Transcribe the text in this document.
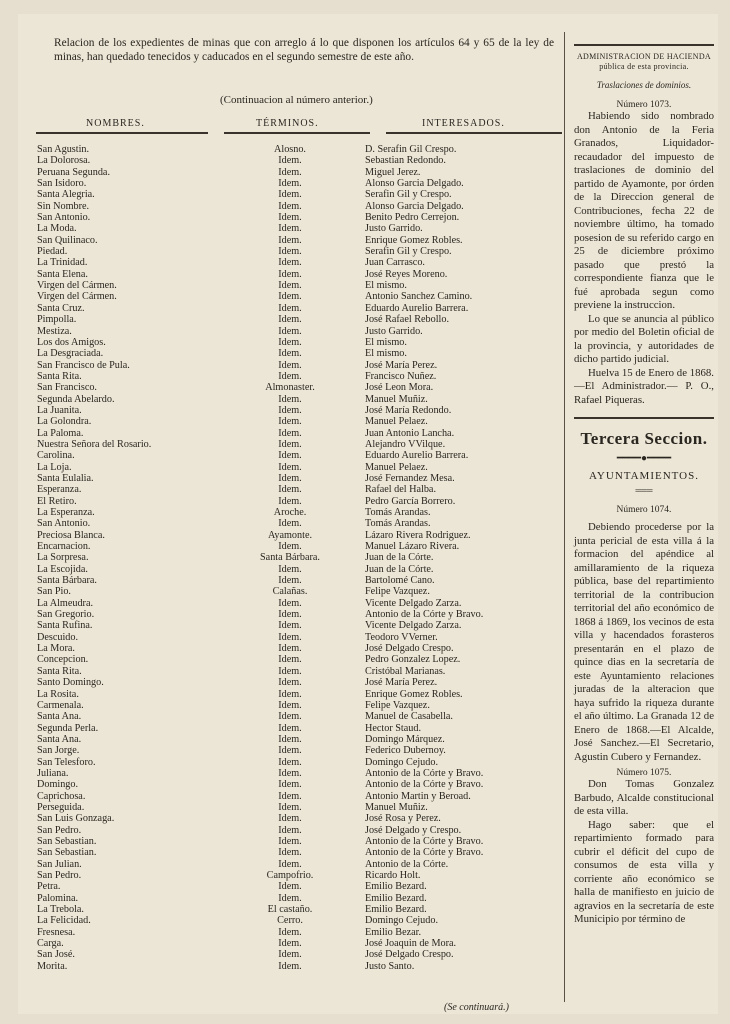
Relacion de los expedientes de minas que con arreglo á lo que disponen los artículos 64 y 65 de la ley de minas, han quedado tenecidos y caducados en el segundo semestre de este año.

(Continuacion al número anterior.)
NOMBRES.	TÉRMINOS.	INTERESADOS.
San Agustin.
La Dolorosa.
Peruana Segunda.
San Isidoro.
Santa Alegria.
Sin Nombre.
San Antonio.
La Moda.
San Quilinaco.
Piedad.
La Trinidad.
Santa Elena.
Virgen del Cármen.
Virgen del Cármen.
Santa Cruz.
Pimpolla.
Mestiza.
Los dos Amigos.
La Desgraciada.
San Francisco de Pula.
Santa Rita.
San Francisco.
Segunda Abelardo.
La Juanita.
La Golondra.
La Paloma.
Nuestra Señora del Rosario.
Carolina.
La Loja.
Santa Eulalia.
Esperanza.
El Retiro.
La Esperanza.
San Antonio.
Preciosa Blanca.
Encarnacion.
La Sorpresa.
La Escojida.
Santa Bárbara.
San Pio.
La Almeudra.
San Gregorio.
Santa Rufina.
Descuido.
La Mora.
Concepcion.
Santa Rita.
Santo Domingo.
La Rosita.
Carmenala.
Santa Ana.
Segunda Perla.
Santa Ana.
San Jorge.
San Telesforo.
Juliana.
Domingo.
Caprichosa.
Perseguida.
San Luis Gonzaga.
San Pedro.
San Sebastian.
San Sebastian.
San Julian.
San Pedro.
Petra.
Palomina.
La Trebola.
La Felicidad.
Fresnesa.
Carga.
San José.
Morita.
Alosno.
Idem.
Idem.
Idem.
Idem.
Idem.
Idem.
Idem.
Idem.
Idem.
Idem.
Idem.
Idem.
Idem.
Idem.
Idem.
Idem.
Idem.
Idem.
Idem.
Idem.
Almonaster.
Idem.
Idem.
Idem.
Idem.
Idem.
Idem.
Idem.
Idem.
Idem.
Idem.
Aroche.
Idem.
Ayamonte.
Idem.
Santa Bárbara.
Idem.
Idem.
Calañas.
Idem.
Idem.
Idem.
Idem.
Idem.
Idem.
Idem.
Idem.
Idem.
Idem.
Idem.
Idem.
Idem.
Idem.
Idem.
Idem.
Idem.
Idem.
Idem.
Idem.
Idem.
Idem.
Idem.
Idem.
Campofrio.
Idem.
Idem.
El castaño.
Cerro.
Idem.
Idem.
Idem.
Idem.
D. Serafin Gil Crespo.
Sebastian Redondo.
Miguel Jerez.
Alonso Garcia Delgado.
Serafin Gil y Crespo.
Alonso Garcia Delgado.
Benito Pedro Cerrejon.
Justo Garrido.
Enrique Gomez Robles.
Serafin Gil y Crespo.
Juan Carrasco.
José Reyes Moreno.
El mismo.
Antonio Sanchez Camino.
Eduardo Aurelio Barrera.
José Rafael Rebollo.
Justo Garrido.
El mismo.
El mismo.
José María Perez.
Francisco Nuñez.
José Leon Mora.
Manuel Muñiz.
José María Redondo.
Manuel Pelaez.
Juan Antonio Lancha.
Alejandro VVilque.
Eduardo Aurelio Barrera.
Manuel Pelaez.
José Fernandez Mesa.
Rafael del Halba.
Pedro García Borrero.
Tomás Arandas.
Tomás Arandas.
Lázaro Rivera Rodriguez.
Manuel Lázaro Rivera.
Juan de la Córte.
Juan de la Córte.
Bartolomé Cano.
Felipe Vazquez.
Vicente Delgado Zarza.
Antonio de la Córte y Bravo.
Vicente Delgado Zarza.
Teodoro VVerner.
José Delgado Crespo.
Pedro Gonzalez Lopez.
Cristóbal Marianas.
José María Perez.
Enrique Gomez Robles.
Felipe Vazquez.
Manuel de Casabella.
Hector Staud.
Domingo Márquez.
Federico Dubernoy.
Domingo Cejudo.
Antonio de la Córte y Bravo.
Antonio de la Córte y Bravo.
Antonio Martin y Beroad.
Manuel Muñiz.
José Rosa y Perez.
José Delgado y Crespo.
Antonio de la Córte y Bravo.
Antonio de la Córte y Bravo.
Antonio de la Córte.
Ricardo Holt.
Emilio Bezard.
Emilio Bezard.
Emilio Bezard.
Domingo Cejudo.
Emilio Bezar.
José Joaquin de Mora.
José Delgado Crespo.
Justo Santo.
(Se continuará.)
ADMINISTRACION DE HACIENDA
pública de esta provincia.
Traslaciones de dominios.
Número 1073.

Habiendo sido nombrado don Antonio de la Feria Granados, Liquidador-recaudador del impuesto de traslaciones de dominio del partido de Ayamonte, por órden de la Direccion general de Contribuciones, fecha 22 de noviembre último, ha tomado posesion de su referido cargo en 25 de diciembre próximo pasado que prestó la correspondiente fianza que le fué aprobada segun como previene la instruccion.

Lo que se anuncia al público por medio del Boletin oficial de la provincia, y autoridades de dicho partido judicial.

Huelva 15 de Enero de 1868.—El Administrador.— P. O., Rafael Piqueras.

Tercera Seccion.
━━━━●━━━━
AYUNTAMIENTOS.
═══
Número 1074.

Debiendo procederse por la junta pericial de esta villa á la formacion del apéndice al amillaramiento de la riqueza pública, base del repartimiento territorial de la contribucion territorial del año económico de 1868 á 1869, los vecinos de esta villa y hacendados forasteros presentarán en el plazo de quince dias en la secretaría de este Ayuntamiento relaciones juradas de la alteracion que haya sufrido la riqueza durante el año último. La Granada 12 de Enero de 1868.—El Alcalde, José Sanchez.—El Secretario, Agustin Cubero y Fernandez.

Número 1075.

Don Tomas Gonzalez Barbudo, Alcalde constitucional de esta villa.

Hago saber: que el repartimiento formado para cubrir el déficit del cupo de consumos de esta villa y corriente año económico se halla de manifiesto en juicio de agravios en la secretaría de este Municipio por término de
